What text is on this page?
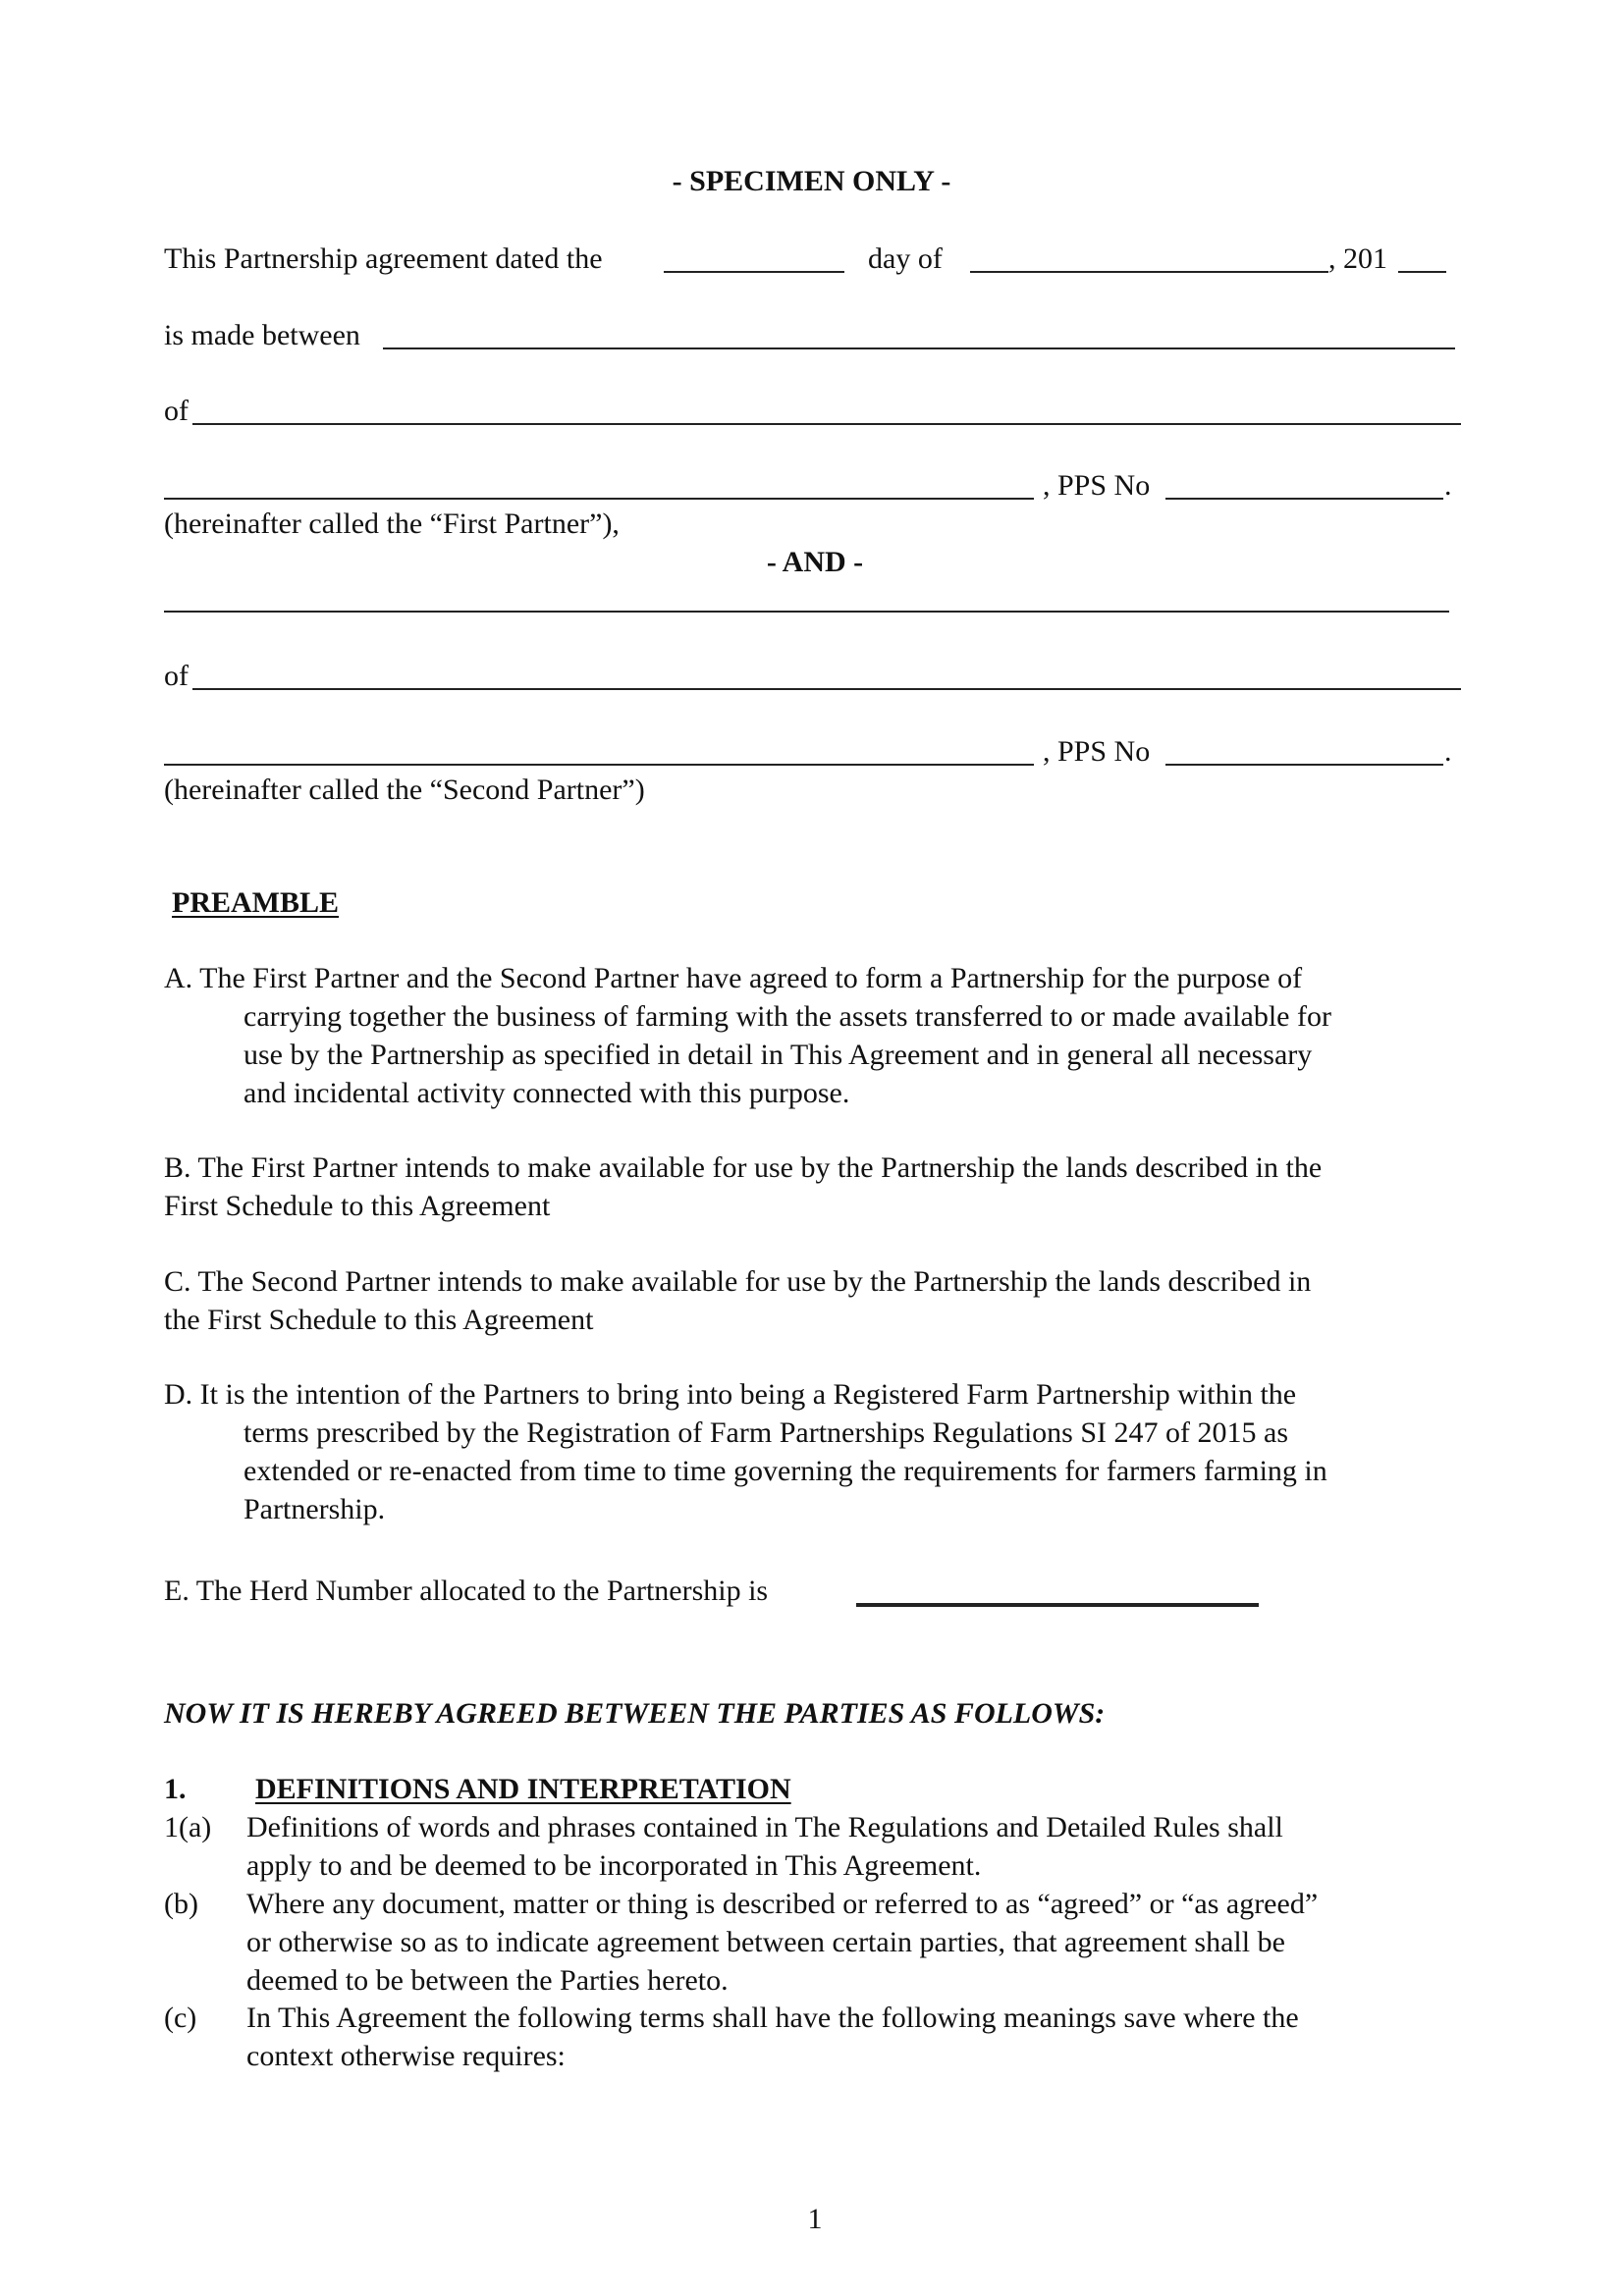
- SPECIMEN ONLY -
This Partnership agreement dated the	day of	, 201
is made between
of
, PPS No	.
(hereinafter called the “First Partner”),
- AND -
of
, PPS No	.
(hereinafter called the “Second Partner”)
PREAMBLE
A. The First Partner and the Second Partner have agreed to form a Partnership for the purpose of
carrying together the business of farming with the assets transferred to or made available for
use by the Partnership as specified in detail in This Agreement and in general all necessary
and incidental activity connected with this purpose.
B. The First Partner intends to make available for use by the Partnership the lands described in the
First Schedule to this Agreement
C. The Second Partner intends to make available for use by the Partnership the lands described in
the First Schedule to this Agreement
D. It is the intention of the Partners to bring into being a Registered Farm Partnership within the
terms prescribed by the Registration of Farm Partnerships Regulations SI 247 of 2015 as
extended or re-enacted from time to time governing the requirements for farmers farming in
Partnership.
E. The Herd Number allocated to the Partnership is
NOW IT IS HEREBY AGREED BETWEEN THE PARTIES AS FOLLOWS:
1. DEFINITIONS AND INTERPRETATION
1(a) Definitions of words and phrases contained in The Regulations and Detailed Rules shall
apply to and be deemed to be incorporated in This Agreement.
(b) Where any document, matter or thing is described or referred to as “agreed” or “as agreed”
or otherwise so as to indicate agreement between certain parties, that agreement shall be
deemed to be between the Parties hereto.
(c) In This Agreement the following terms shall have the following meanings save where the
context otherwise requires:
1
